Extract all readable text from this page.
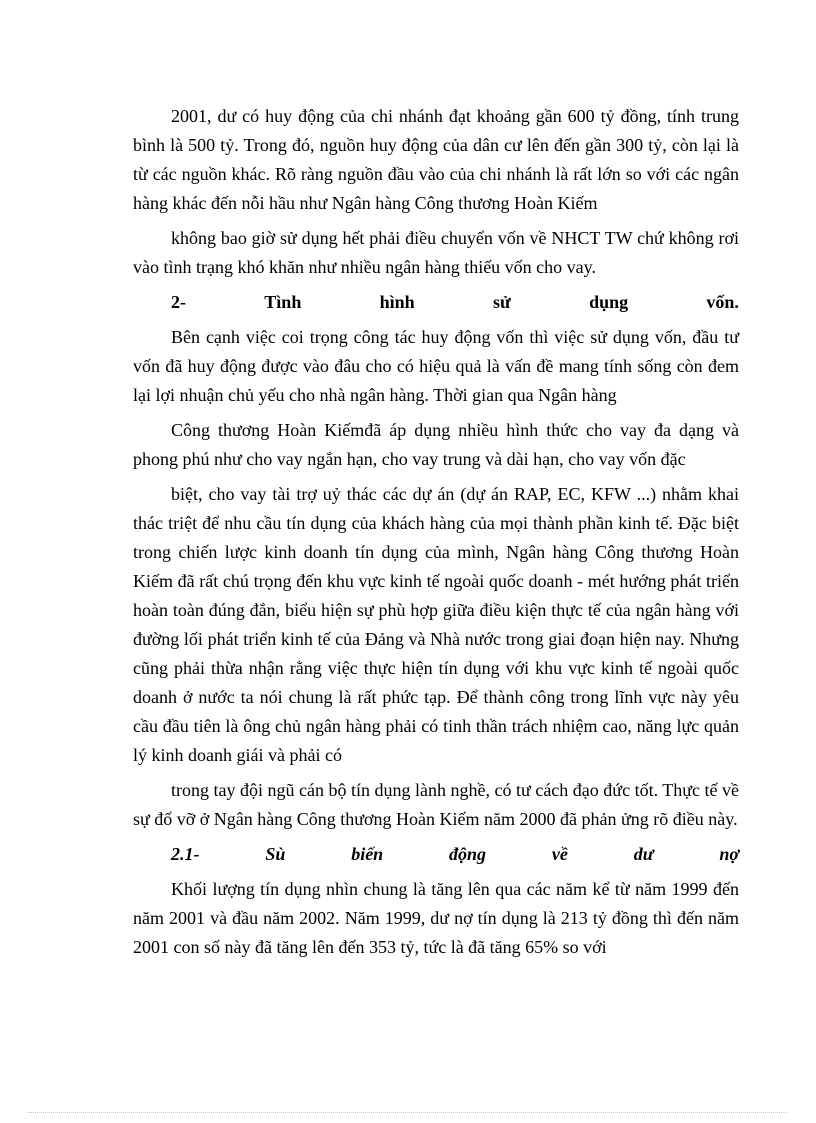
2001, dư có huy động của chi nhánh đạt khoảng gần 600 tỷ đồng, tính trung bình là 500 tỷ. Trong đó, nguồn huy động của dân cư lên đến gần 300 tỷ, còn lại là từ các nguồn khác. Rõ ràng nguồn đầu vào của chi nhánh là rất lớn so với các ngân hàng khác đến nỗi hầu như Ngân hàng Công thương Hoàn Kiếm

không bao giờ sử dụng hết phải điều chuyển vốn về NHCT TW chứ không rơi vào tình trạng khó khăn như nhiều ngân hàng thiếu vốn cho vay.

2-	Tình	hình	sử	dụng	vốn.

Bên cạnh việc coi trọng công tác huy động vốn thì việc sử dụng vốn, đầu tư vốn đã huy động được vào đâu cho có hiệu quả là vấn đề mang tính sống còn đem lại lợi nhuận chủ yếu cho nhà ngân hàng. Thời gian qua Ngân hàng

Công thương Hoàn Kiếmđã áp dụng nhiều hình thức cho vay đa dạng và phong phú như cho vay ngắn hạn, cho vay trung và dài hạn, cho vay vốn đặc

biệt, cho vay tài trợ uỷ thác các dự án (dự án RAP, EC, KFW ...) nhằm khai thác triệt để nhu cầu tín dụng của khách hàng của mọi thành phần kinh tế. Đặc biệt trong chiến lược kinh doanh tín dụng của mình, Ngân hàng Công thương Hoàn Kiếm đã rất chú trọng đến khu vực kinh tế ngoài quốc doanh - mét hướng phát triển hoàn toàn đúng đắn, biểu hiện sự phù hợp giữa điều kiện thực tế của ngân hàng với đường lối phát triển kinh tế của Đảng và Nhà nước trong giai đoạn hiện nay. Nhưng cũng phải thừa nhận rằng việc thực hiện tín dụng với khu vực kinh tế ngoài quốc doanh ở nước ta nói chung là rất phức tạp. Để thành công trong lĩnh vực này yêu cầu đầu tiên là ông chủ ngân hàng phải có tinh thần trách nhiệm cao, năng lực quản lý kinh doanh giái và phải có

trong tay đội ngũ cán bộ tín dụng lành nghề, có tư cách đạo đức tốt. Thực tế về sự đổ vỡ ở Ngân hàng Công thương Hoàn Kiếm năm 2000 đã phản ửng rõ điều này.

2.1-	Sù	biến	động	về	dư	nợ

Khối lượng tín dụng nhìn chung là tăng lên qua các năm kể từ năm 1999 đến năm 2001 và đầu năm 2002. Năm 1999, dư nợ tín dụng là 213 tỷ đồng thì đến năm 2001 con số này đã tăng lên đến 353 tỷ, tức là đã tăng 65% so với
